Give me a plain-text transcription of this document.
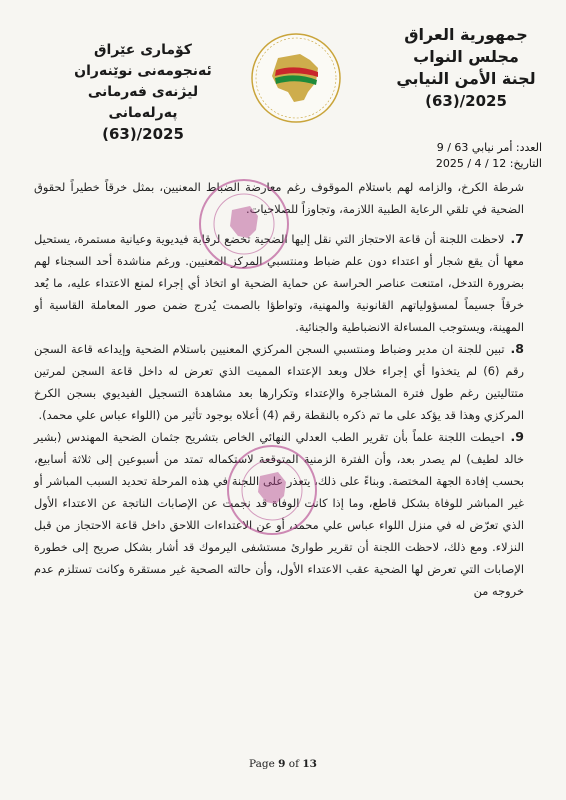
جمهورية العراق
مجلس النواب
لجنة الأمن النيابي
2025/(63)
كۆماری عێراق
ئەنجومەنی نوێنەران
لیژنەی فەرمانی پەرلەمانی
2025/(63)
العدد: أمر نيابي 63 / 9
التاريخ: 12 / 4 / 2025

شرطة الكرخ، والزامه لهم باستلام الموقوف رغم معارضة الضباط المعنيين، بمثل خرقاً خطيراً لحقوق الضحية في تلقي الرعاية الطبية اللازمة، وتجاوزاً للصلاحيات.

7.لاحظت اللجنة أن قاعة الاحتجاز التي نقل إليها الضحية تخضع لرقابة فيديوية وعيانية مستمرة، يستحيل معها أن يقع شجار أو اعتداء دون علم ضباط ومنتسبي المركز المعنيين. ورغم مناشدة أحد السجناء لهم بضرورة التدخل، امتنعت عناصر الحراسة عن حماية الضحية او اتخاذ أي إجراء لمنع الاعتداء عليه، ما يُعد خرقاً جسيماً لمسؤولياتهم القانونية والمهنية، وتواطؤا بالصمت يُدرج ضمن صور المعاملة القاسية أو المهينة، ويستوجب المساءلة الانضباطية والجنائية.

8.تبين للجنة ان مدير وضباط ومنتسبي السجن المركزي المعنيين باستلام الضحية وإيداعه قاعة السجن رقم (6) لم يتخذوا أي إجراء خلال وبعد الإعتداء المميت الذي تعرض له داخل قاعة السجن لمرتين متتاليتين رغم طول فترة المشاجرة والإعتداء وتكرارها بعد مشاهدة التسجيل الفيديوي بسجن الكرخ المركزي وهذا قد يؤكد على ما تم ذكره بالنقطة رقم (4) أعلاه بوجود تأثير من (اللواء عباس علي محمد).

9.احيطت اللجنة علماً بأن تقرير الطب العدلي النهائي الخاص بتشريح جثمان الضحية المهندس (بشير خالد لطيف) لم يصدر بعد، وأن الفترة الزمنية المتوقعة لاستكماله تمتد من أسبوعين إلى ثلاثة أسابيع، بحسب إفادة الجهة المختصة. وبناءً على ذلك، يتعذر على اللجنة في هذه المرحلة تحديد السبب المباشر أو غير المباشر للوفاة بشكل قاطع، وما إذا كانت الوفاة قد نجمت عن الإصابات الناتجة عن الاعتداء الأول الذي تعرّض له في منزل اللواء عباس علي محمد، أو عن الاعتداءات اللاحق داخل قاعة الاحتجاز من قبل النزلاء. ومع ذلك، لاحظت اللجنة أن تقرير طوارئ مستشفى اليرموك قد أشار بشكل صريح إلى خطورة الإصابات التي تعرض لها الضحية عقب الاعتداء الأول، وأن حالته الصحية غير مستقرة وكانت تستلزم عدم خروجه من

Page 9 of 13
